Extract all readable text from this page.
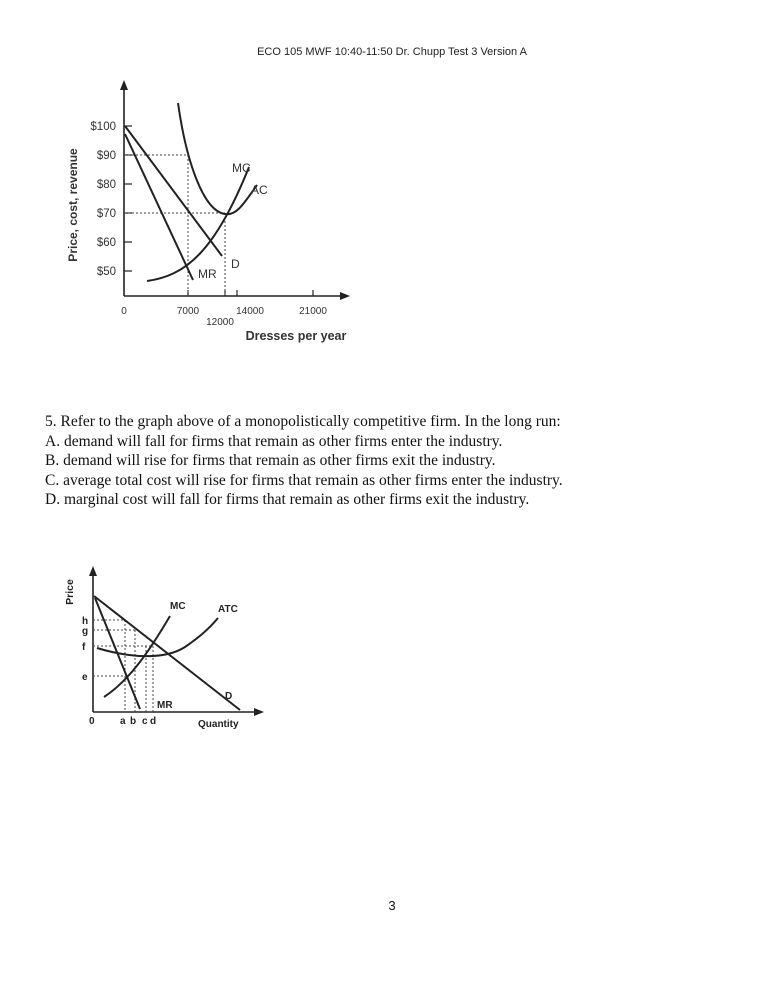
ECO 105 MWF 10:40-11:50 Dr. Chupp Test 3 Version A
$100
$90
$80
$70
$60
$50
0	7000
12000
14000	21000
Dresses per year
Price, cost, revenue	MC
AC
MR
D
5. Refer to the graph above of a monopolistically competitive firm. In the long run:
A. demand will fall for firms that remain as other firms enter the industry.
B. demand will rise for firms that remain as other firms exit the industry.
C. average total cost will rise for firms that remain as other firms enter the industry.
D. marginal cost will fall for firms that remain as other firms exit the industry.
h
g
f
e
0	a b c d	Quantity
MC	ATC
MR
D
Price
3
